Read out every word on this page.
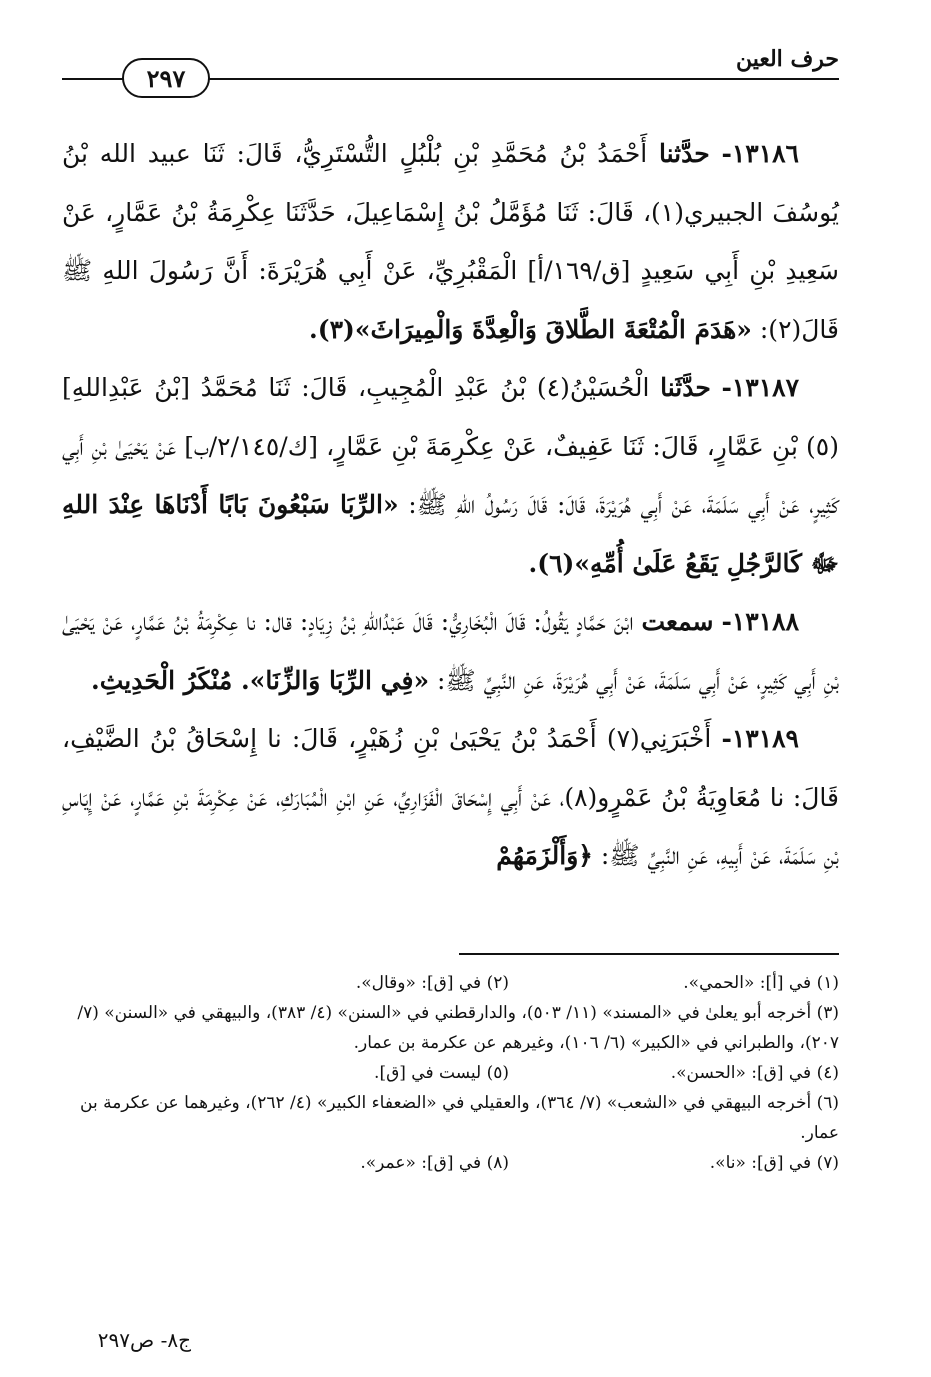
٢٩٧
حرف العين

١٣١٨٦- حدَّثنا أَحْمَدُ بْنُ مُحَمَّدِ بْنِ بُلْبُلٍ التُّسْتَرِيُّ، قَالَ: ثَنَا عبيد الله بْنُ يُوسُفَ الجبيري(١)، قَالَ: ثَنَا مُؤَمَّلُ بْنُ إِسْمَاعِيلَ، حَدَّثَنَا عِكْرِمَةُ بْنُ عَمَّارٍ، عَنْ سَعِيدِ بْنِ أَبِي سَعِيدٍ [ق/١٦٩/أ] الْمَقْبُرِيِّ، عَنْ أَبِي هُرَيْرَةَ: أَنَّ رَسُولَ اللهِ ﷺ قَالَ(٢): «هَدَمَ الْمُتْعَةَ الطَّلاقَ وَالْعِدَّةَ وَالْمِيرَاثَ»(٣).

١٣١٨٧- حدَّثَنا الْحُسَيْنُ(٤) بْنُ عَبْدِ الْمُجِيبِ، قَالَ: ثَنَا مُحَمَّدُ [بْنُ عَبْدِاللهِ](٥) بْنِ عَمَّارٍ، قَالَ: ثَنَا عَفِيفٌ، عَنْ عِكْرِمَةَ بْنِ عَمَّارٍ، [ك/٢/١٤٥/ب] عَنْ يَحْيَىٰ بْنِ أَبِي كَثِيرٍ، عَنْ أَبِي سَلَمَةَ، عَنْ أَبِي هُرَيْرَةَ، قَالَ: قَالَ رَسُولُ اللهِ ﷺ: «الرِّبَا سَبْعُونَ بَابًا أَدْنَاهَا عِنْدَ اللهِ ﷻ كَالرَّجُلِ يَقَعُ عَلَىٰ أُمِّهِ»(٦).

١٣١٨٨- سمعت ابْنَ حَمَّادٍ يَقُولُ: قَالَ الْبُخَارِيُّ: قَالَ عَبْدُاللهِ بْنُ زِيَادٍ: قال: نا عِكْرِمَةُ بْنُ عَمَّارٍ، عَنْ يَحْيَىٰ بْنِ أَبِي كَثِيرٍ، عَنْ أَبِي سَلَمَةَ، عَنْ أَبِي هُرَيْرَةَ، عَنِ النَّبِيِّ ﷺ: «فِي الرِّبَا وَالزِّنَا». مُنْكَرُ الْحَدِيثِ.

١٣١٨٩- أَخْبَرَنِي(٧) أَحْمَدُ بْنُ يَحْيَىٰ بْنِ زُهَيْرٍ، قَالَ: نا إِسْحَاقُ بْنُ الضَّيْفِ، قَالَ: نا مُعَاوِيَةُ بْنُ عَمْرٍو(٨)، عَنْ أَبِي إِسْحَاقَ الْفَزَارِيِّ، عَنِ ابْنِ الْمُبَارَكِ، عَنْ عِكْرِمَةَ بْنِ عَمَّارٍ، عَنْ إِيَاسِ بْنِ سَلَمَةَ، عَنْ أَبِيهِ، عَنِ النَّبِيِّ ﷺ: ﴿وَأَلْزَمَهُمْ

(١) في [أ]: «الحمي».
(٢) في [ق]: «وقال».
(٣) أخرجه أبو يعلىٰ في «المسند» (١١/ ٥٠٣)، والدارقطني في «السنن» (٤/ ٣٨٣)، والبيهقي في «السنن» (٧/ ٢٠٧)، والطبراني في «الكبير» (٦/ ١٠٦)، وغيرهم عن عكرمة بن عمار.
(٤) في [ق]: «الحسن».
(٥) ليست في [ق].
(٦) أخرجه البيهقي في «الشعب» (٧/ ٣٦٤)، والعقيلي في «الضعفاء الكبير» (٤/ ٢٦٢)، وغيرهما عن عكرمة بن عمار.
(٧) في [ق]: «نا».
(٨) في [ق]: «عمر».
ج٨- ص٢٩٧
